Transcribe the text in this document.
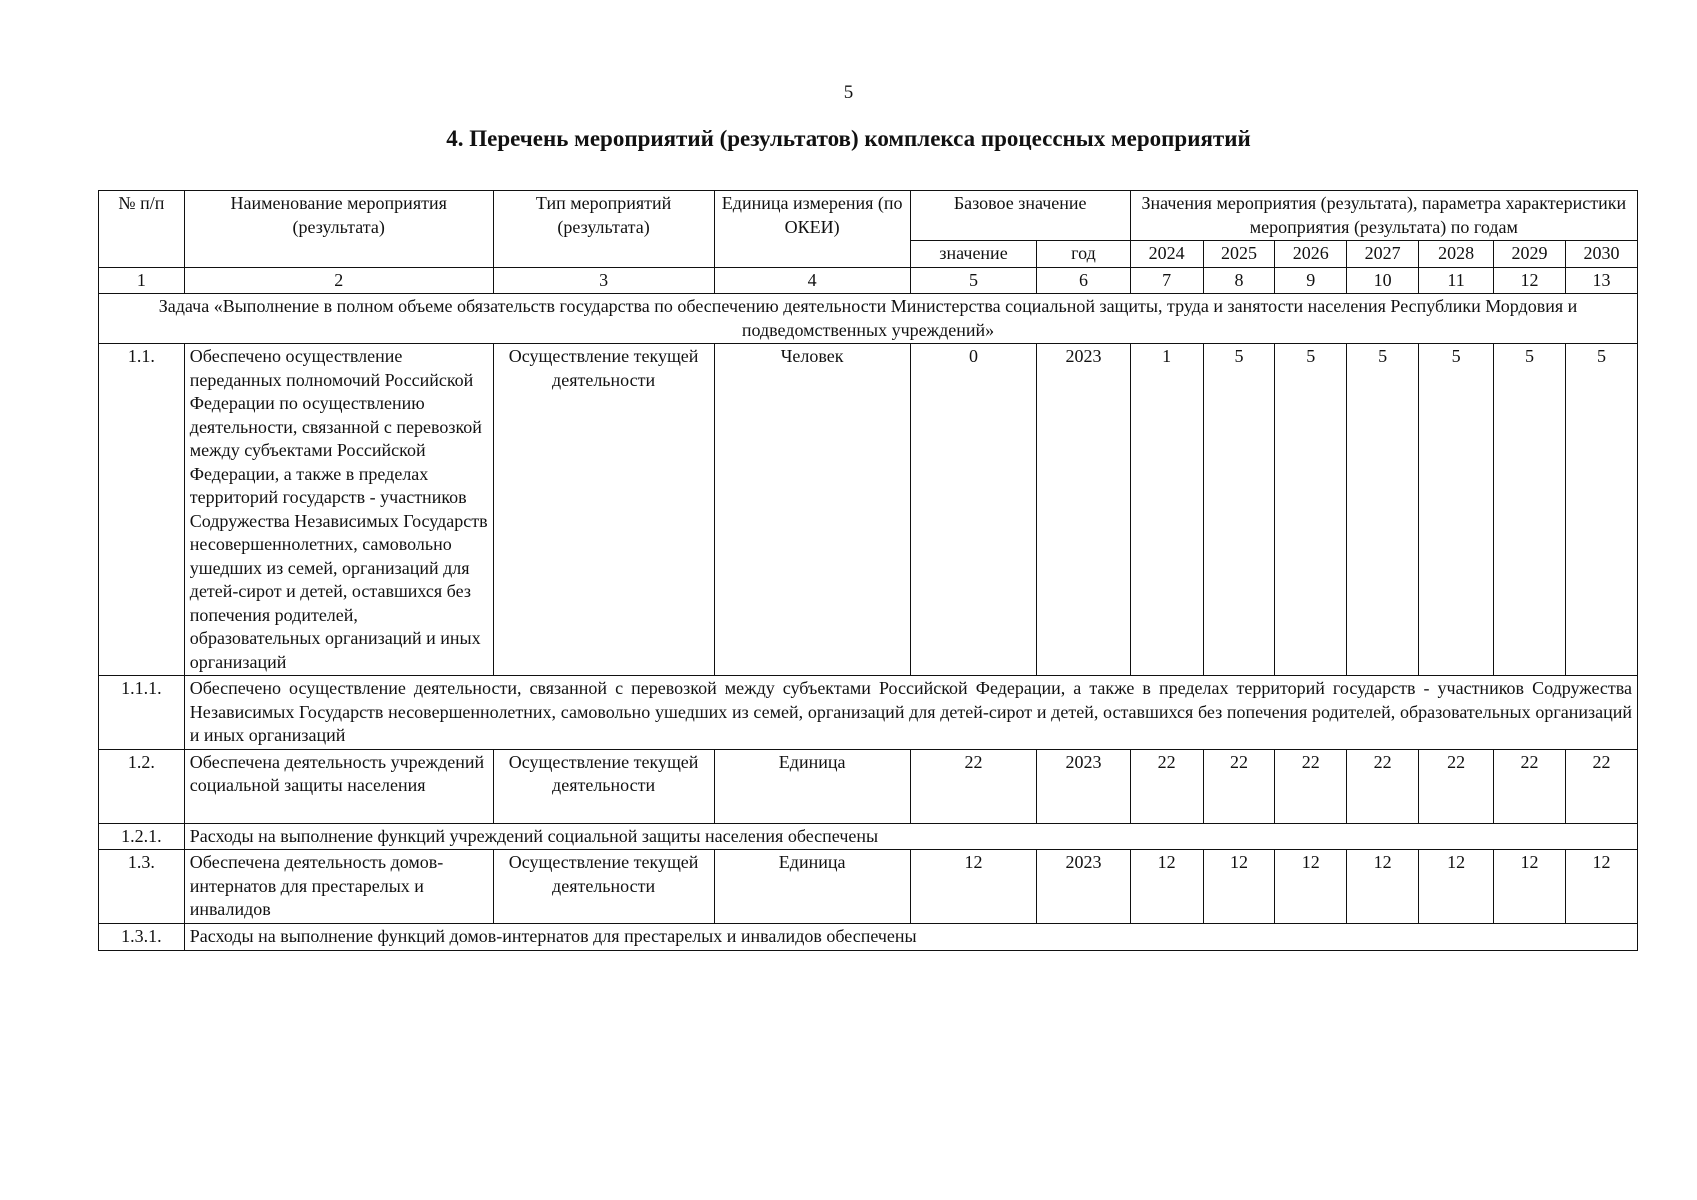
5
4. Перечень мероприятий (результатов) комплекса процессных мероприятий
№ п/п	Наименование мероприятия (результата)	Тип мероприятий (результата)	Единица измерения (по ОКЕИ)	Базовое значение		Значения мероприятия (результата), параметра характеристики мероприятия (результата) по годам						
				значение	год	2024	2025	2026	2027	2028	2029	2030
1	2	3	4	5	6	7	8	9	10	11	12	13
Задача «Выполнение в полном объеме обязательств государства по обеспечению деятельности Министерства социальной защиты, труда и занятости населения Республики Мордовия и подведомственных учреждений»												
1.1.	Обеспечено осуществление переданных полномочий Российской Федерации по осуществлению деятельности, связанной с перевозкой между субъектами Российской Федерации, а также в пределах территорий государств - участников Содружества Независимых Государств несовершеннолетних, самовольно ушедших из семей, организаций для детей-сирот и детей, оставшихся без попечения родителей, образовательных организаций и иных организаций	Осуществление текущей деятельности	Человек	0	2023	1	5	5	5	5	5	5
1.1.1.	Обеспечено осуществление деятельности, связанной с перевозкой между субъектами Российской Федерации, а также в пределах территорий государств - участников Содружества Независимых Государств несовершеннолетних, самовольно ушедших из семей, организаций для детей-сирот и детей, оставшихся без попечения родителей, образовательных организаций и иных организаций											
1.2.	Обеспечена деятельность учреждений социальной защиты населения	Осуществление текущей деятельности	Единица	22	2023	22	22	22	22	22	22	22
1.2.1.	Расходы на выполнение функций учреждений социальной защиты населения обеспечены											
1.3.	Обеспечена деятельность домов-интернатов для престарелых и инвалидов	Осуществление текущей деятельности	Единица	12	2023	12	12	12	12	12	12	12
1.3.1.	Расходы на выполнение функций домов-интернатов для престарелых и инвалидов обеспечены											
